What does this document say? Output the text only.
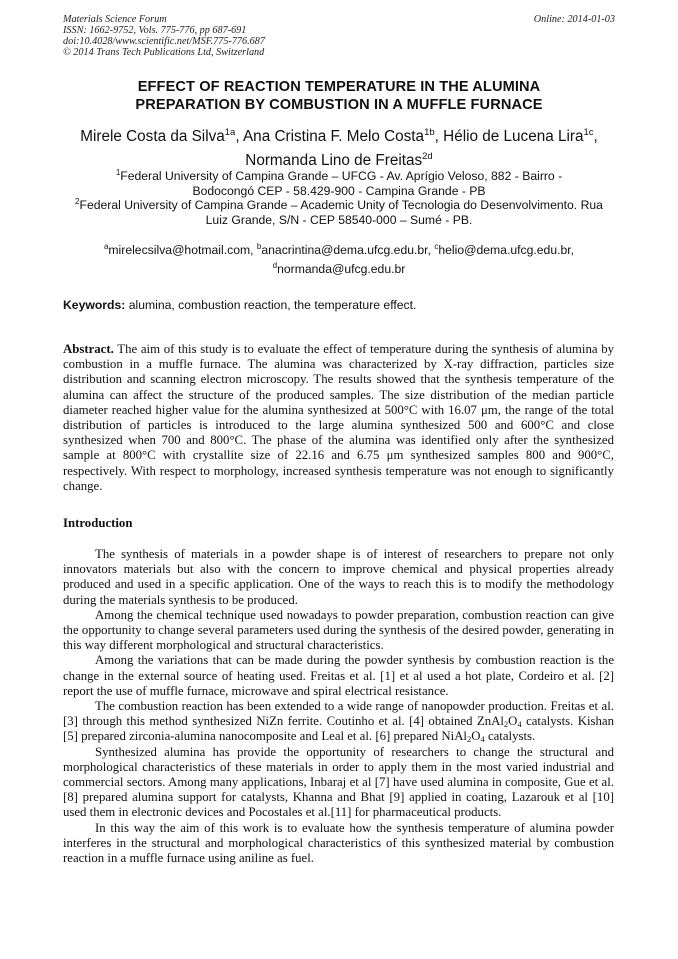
Materials Science Forum
ISSN: 1662-9752, Vols. 775-776, pp 687-691
doi:10.4028/www.scientific.net/MSF.775-776.687
© 2014 Trans Tech Publications Ltd, Switzerland
Online: 2014-01-03
EFFECT OF REACTION TEMPERATURE IN THE ALUMINA
PREPARATION BY COMBUSTION IN A MUFFLE FURNACE
Mirele Costa da Silva$^{1a}$, Ana Cristina F. Melo Costa$^{1b}$, Hélio de Lucena Lira$^{1c}$,
Normanda Lino de Freitas$^{2d}$
$^1$Federal University of Campina Grande – UFCG - Av. Aprígio Veloso, 882 - Bairro -
Bodocongó CEP - 58.429-900 - Campina Grande - PB
$^2$Federal University of Campina Grande – Academic Unity of Tecnologia do Desenvolvimento. Rua
Luiz Grande, S/N - CEP 58540-000 – Sumé - PB.
$^a$mirelecsilva@hotmail.com, $^b$anacrintina@dema.ufcg.edu.br, $^c$helio@dema.ufcg.edu.br,
$^d$normanda@ufcg.edu.br
Keywords: alumina, combustion reaction, the temperature effect.
Abstract. The aim of this study is to evaluate the effect of temperature during the synthesis of alumina by combustion in a muffle furnace. The alumina was characterized by X-ray diffraction, particles size distribution and scanning electron microscopy. The results showed that the synthesis temperature of the alumina can affect the structure of the produced samples. The size distribution of the median particle diameter reached higher value for the alumina synthesized at 500°C with 16.07 μm, the range of the total distribution of particles is introduced to the large alumina synthesized 500 and 600°C and close synthesized when 700 and 800°C. The phase of the alumina was identified only after the synthesized sample at 800°C with crystallite size of 22.16 and 6.75 μm synthesized samples 800 and 900°C, respectively. With respect to morphology, increased synthesis temperature was not enough to significantly change.
Introduction

The synthesis of materials in a powder shape is of interest of researchers to prepare not only innovators materials but also with the concern to improve chemical and physical properties already produced and used in a specific application. One of the ways to reach this is to modify the methodology during the materials synthesis to be produced.

Among the chemical technique used nowadays to powder preparation, combustion reaction can give the opportunity to change several parameters used during the synthesis of the desired powder, generating in this way different morphological and structural characteristics.

Among the variations that can be made during the powder synthesis by combustion reaction is the change in the external source of heating used. Freitas et al. [1] et al used a hot plate, Cordeiro et al. [2] report the use of muffle furnace, microwave and spiral electrical resistance.

The combustion reaction has been extended to a wide range of nanopowder production. Freitas et al. [3] through this method synthesized NiZn ferrite. Coutinho et al. [4] obtained $ZnAl_2O_4$ catalysts. Kishan [5] prepared zirconia-alumina nanocomposite and Leal et al. [6] prepared $NiAl_2O_4$ catalysts.

Synthesized alumina has provide the opportunity of researchers to change the structural and morphological characteristics of these materials in order to apply them in the most varied industrial and commercial sectors. Among many applications, Inbaraj et al [7] have used alumina in composite, Gue et al. [8] prepared alumina support for catalysts, Khanna and Bhat [9] applied in coating, Lazarouk et al [10] used them in electronic devices and Pocostales et al.[11] for pharmaceutical products.

In this way the aim of this work is to evaluate how the synthesis temperature of alumina powder interferes in the structural and morphological characteristics of this synthesized material by combustion reaction in a muffle furnace using aniline as fuel.
